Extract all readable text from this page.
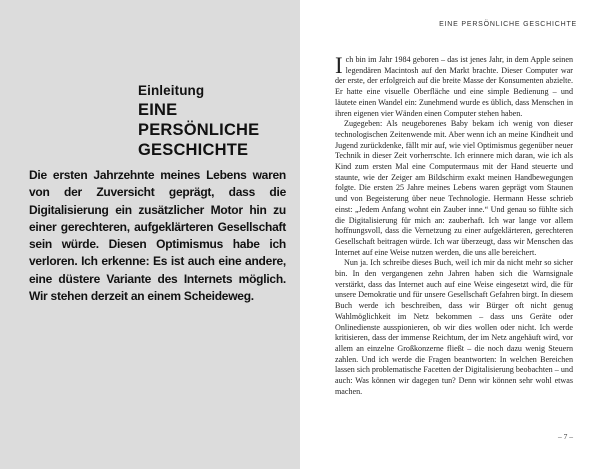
Einleitung
EINE PERSÖNLICHE GESCHICHTE
Die ersten Jahrzehnte meines Lebens waren von der Zuversicht geprägt, dass die Digitalisierung ein zusätzlicher Motor hin zu einer gerechteren, aufgeklärteren Gesellschaft sein würde. Diesen Optimismus habe ich verloren. Ich erkenne: Es ist auch eine andere, eine düstere Variante des Internets möglich. Wir stehen derzeit an einem Scheideweg.
EINE PERSÖNLICHE GESCHICHTE

Ich bin im Jahr 1984 geboren – das ist jenes Jahr, in dem Apple seinen legendären Macintosh auf den Markt brachte. Dieser Computer war der erste, der erfolgreich auf die breite Masse der Konsumenten abzielte. Er hatte eine visuelle Oberfläche und eine simple Bedienung – und läutete einen Wandel ein: Zunehmend wurde es üblich, dass Menschen in ihren eigenen vier Wänden einen Computer stehen haben.

Zugegeben: Als neugeborenes Baby bekam ich wenig von dieser technologischen Zeitenwende mit. Aber wenn ich an meine Kindheit und Jugend zurückdenke, fällt mir auf, wie viel Optimismus gegenüber neuer Technik in dieser Zeit vorherrschte. Ich erinnere mich daran, wie ich als Kind zum ersten Mal eine Computermaus mit der Hand steuerte und staunte, wie der Zeiger am Bildschirm exakt meinen Handbewegungen folgte. Die ersten 25 Jahre meines Lebens waren geprägt vom Staunen und von Begeisterung über neue Technologie. Hermann Hesse schrieb einst: „Jedem Anfang wohnt ein Zauber inne.“ Und genau so fühlte sich die Digitalisierung für mich an: zauberhaft. Ich war lange vor allem hoffnungsvoll, dass die Vernetzung zu einer aufgeklärteren, gerechteren Gesellschaft beitragen würde. Ich war überzeugt, dass wir Menschen das Internet auf eine Weise nutzen werden, die uns alle bereichert.

Nun ja. Ich schreibe dieses Buch, weil ich mir da nicht mehr so sicher bin. In den vergangenen zehn Jahren haben sich die Warnsignale verstärkt, dass das Internet auch auf eine Weise eingesetzt wird, die für unsere Demokratie und für unsere Gesellschaft Gefahren birgt. In diesem Buch werde ich beschreiben, dass wir Bürger oft nicht genug Wahlmöglichkeit im Netz bekommen – dass uns Geräte oder Onlinedienste ausspionieren, ob wir dies wollen oder nicht. Ich werde kritisieren, dass der immense Reichtum, der im Netz angehäuft wird, vor allem an einzelne Großkonzerne fließt – die noch dazu wenig Steuern zahlen. Und ich werde die Fragen beantworten: In welchen Bereichen lassen sich problematische Facetten der Digitalisierung beobachten – und auch: Was können wir dagegen tun? Denn wir können sehr wohl etwas machen.

– 7 –
